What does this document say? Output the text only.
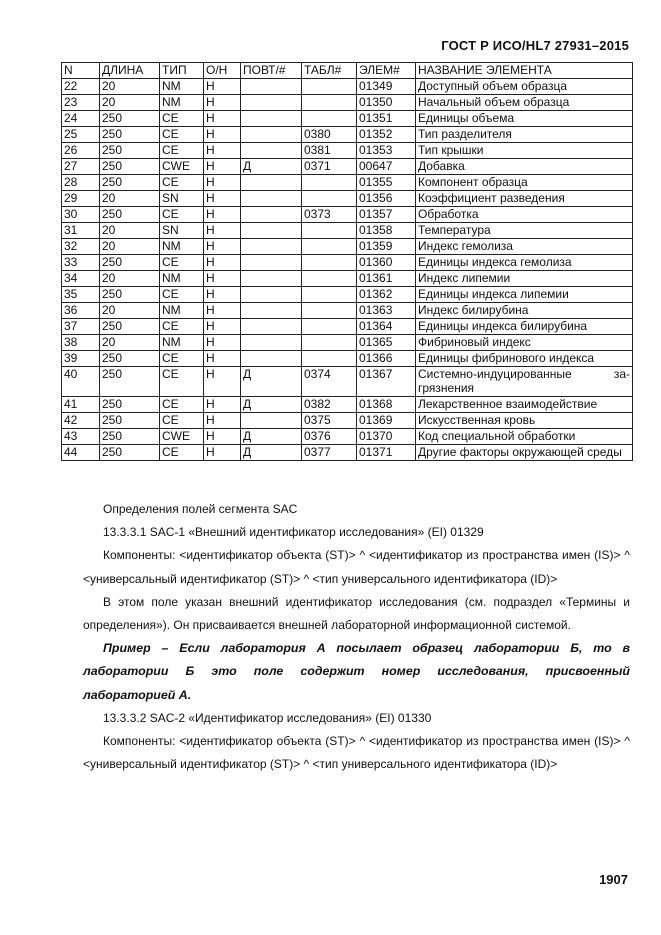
ГОСТ Р ИСО/HL7 27931–2015
N	ДЛИНА	ТИП	О/Н	ПОВТ/#	ТАБЛ#	ЭЛЕМ#	НАЗВАНИЕ ЭЛЕМЕНТА
22	20	NM	Н			01349	Доступный объем образца
23	20	NM	Н			01350	Начальный объем образца
24	250	CE	Н			01351	Единицы объема
25	250	CE	Н		0380	01352	Тип разделителя
26	250	CE	Н		0381	01353	Тип крышки
27	250	CWE	Н	Д	0371	00647	Добавка
28	250	CE	Н			01355	Компонент образца
29	20	SN	Н			01356	Коэффициент разведения
30	250	CE	Н		0373	01357	Обработка
31	20	SN	Н			01358	Температура
32	20	NM	Н			01359	Индекс гемолиза
33	250	CE	Н			01360	Единицы индекса гемолиза
34	20	NM	Н			01361	Индекс липемии
35	250	CE	Н			01362	Единицы индекса липемии
36	20	NM	Н			01363	Индекс билирубина
37	250	CE	Н			01364	Единицы индекса билирубина
38	20	NM	Н			01365	Фибриновый индекс
39	250	CE	Н			01366	Единицы фибринового индекса
40	250	CE	Н	Д	0374	01367	Системно-индуцированные за-грязнения
41	250	CE	Н	Д	0382	01368	Лекарственное взаимодействие
42	250	CE	Н		0375	01369	Искусственная кровь
43	250	CWE	Н	Д	0376	01370	Код специальной обработки
44	250	CE	Н	Д	0377	01371	Другие факторы окружающей среды

Определения полей сегмента SAC

13.3.3.1 SAC-1 «Внешний идентификатор исследования» (EI) 01329

Компоненты: <идентификатор объекта (ST)> ^ <идентификатор из пространства имен (IS)> ^ <универсальный идентификатор (ST)> ^ <тип универсального идентификатора (ID)>

В этом поле указан внешний идентификатор исследования (см. подраздел «Термины и определения»). Он присваивается внешней лабораторной информационной системой.

Пример – Если лаборатория А посылает образец лаборатории Б, то в лаборатории Б это поле содержит номер исследования, присвоенный лабораторией А.

13.3.3.2 SAC-2 «Идентификатор исследования» (EI) 01330

Компоненты: <идентификатор объекта (ST)> ^ <идентификатор из пространства имен (IS)> ^ <универсальный идентификатор (ST)> ^ <тип универсального идентификатора (ID)>

1907
